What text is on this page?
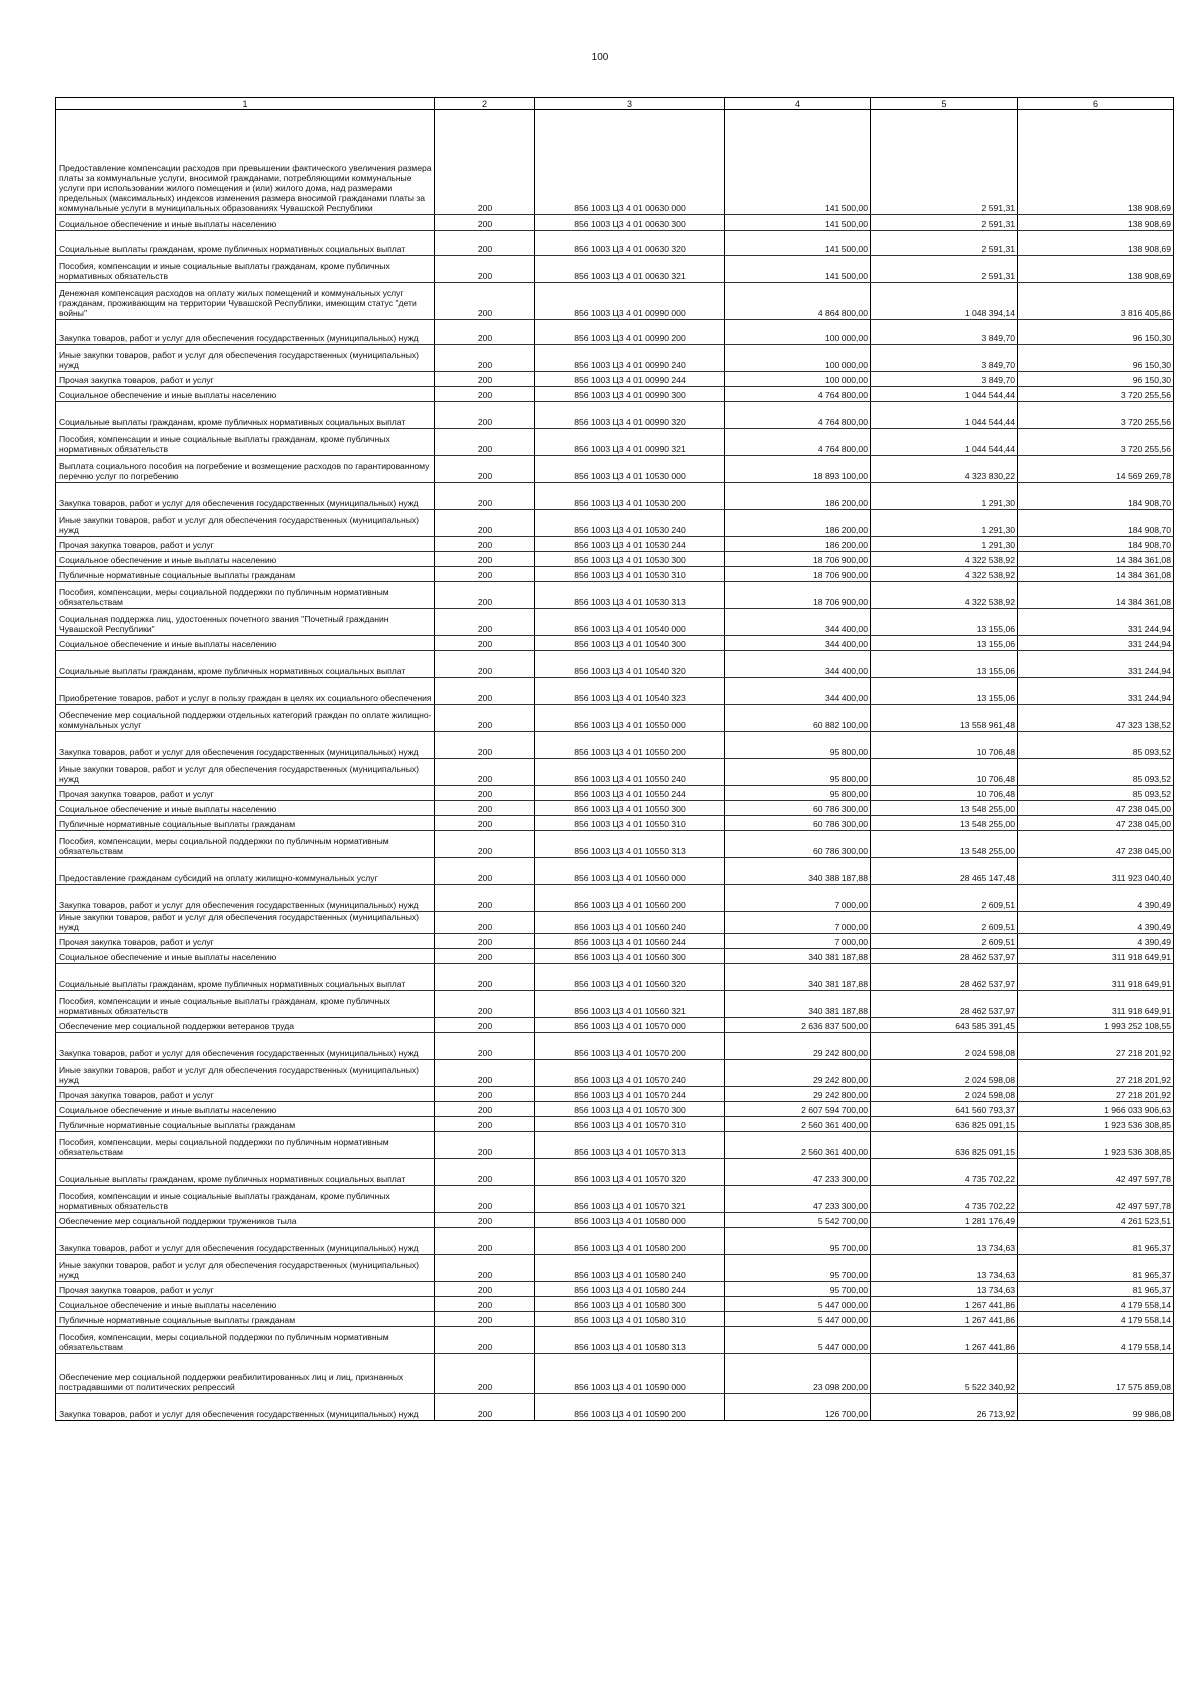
100
1	2	3	4	5	6
Предоставление компенсации расходов при превышении фактического увеличения размера платы за коммунальные услуги, вносимой гражданами, потребляющими коммунальные услуги при использовании жилого помещения и (или) жилого дома, над размерами предельных (максимальных) индексов изменения размера вносимой гражданами платы за коммунальные услуги в муниципальных образованиях Чувашской Республики	200	856 1003 Ц3 4 01 00630 000	141 500,00	2 591,31	138 908,69
Социальное обеспечение и иные выплаты населению	200	856 1003 Ц3 4 01 00630 300	141 500,00	2 591,31	138 908,69
Социальные выплаты гражданам, кроме публичных нормативных социальных выплат	200	856 1003 Ц3 4 01 00630 320	141 500,00	2 591,31	138 908,69
Пособия, компенсации и иные социальные выплаты гражданам, кроме публичных нормативных обязательств	200	856 1003 Ц3 4 01 00630 321	141 500,00	2 591,31	138 908,69
Денежная компенсация расходов на оплату жилых помещений и коммунальных услуг гражданам, проживающим на территории Чувашской Республики, имеющим статус "дети войны"	200	856 1003 Ц3 4 01 00990 000	4 864 800,00	1 048 394,14	3 816 405,86
Закупка товаров, работ и услуг для обеспечения государственных (муниципальных) нужд	200	856 1003 Ц3 4 01 00990 200	100 000,00	3 849,70	96 150,30
Иные закупки товаров, работ и услуг для обеспечения государственных (муниципальных) нужд	200	856 1003 Ц3 4 01 00990 240	100 000,00	3 849,70	96 150,30
Прочая закупка товаров, работ и услуг	200	856 1003 Ц3 4 01 00990 244	100 000,00	3 849,70	96 150,30
Социальное обеспечение и иные выплаты населению	200	856 1003 Ц3 4 01 00990 300	4 764 800,00	1 044 544,44	3 720 255,56
Социальные выплаты гражданам, кроме публичных нормативных социальных выплат	200	856 1003 Ц3 4 01 00990 320	4 764 800,00	1 044 544,44	3 720 255,56
Пособия, компенсации и иные социальные выплаты гражданам, кроме публичных нормативных обязательств	200	856 1003 Ц3 4 01 00990 321	4 764 800,00	1 044 544,44	3 720 255,56
Выплата социального пособия на погребение и возмещение расходов по гарантированному перечню услуг по погребению	200	856 1003 Ц3 4 01 10530 000	18 893 100,00	4 323 830,22	14 569 269,78
Закупка товаров, работ и услуг для обеспечения государственных (муниципальных) нужд	200	856 1003 Ц3 4 01 10530 200	186 200,00	1 291,30	184 908,70
Иные закупки товаров, работ и услуг для обеспечения государственных (муниципальных) нужд	200	856 1003 Ц3 4 01 10530 240	186 200,00	1 291,30	184 908,70
Прочая закупка товаров, работ и услуг	200	856 1003 Ц3 4 01 10530 244	186 200,00	1 291,30	184 908,70
Социальное обеспечение и иные выплаты населению	200	856 1003 Ц3 4 01 10530 300	18 706 900,00	4 322 538,92	14 384 361,08
Публичные нормативные социальные выплаты гражданам	200	856 1003 Ц3 4 01 10530 310	18 706 900,00	4 322 538,92	14 384 361,08
Пособия, компенсации, меры социальной поддержки по публичным нормативным обязательствам	200	856 1003 Ц3 4 01 10530 313	18 706 900,00	4 322 538,92	14 384 361,08
Социальная поддержка лиц, удостоенных почетного звания "Почетный гражданин Чувашской Республики"	200	856 1003 Ц3 4 01 10540 000	344 400,00	13 155,06	331 244,94
Социальное обеспечение и иные выплаты населению	200	856 1003 Ц3 4 01 10540 300	344 400,00	13 155,06	331 244,94
Социальные выплаты гражданам, кроме публичных нормативных социальных выплат	200	856 1003 Ц3 4 01 10540 320	344 400,00	13 155,06	331 244,94
Приобретение товаров, работ и услуг в пользу граждан в целях их социального обеспечения	200	856 1003 Ц3 4 01 10540 323	344 400,00	13 155,06	331 244,94
Обеспечение мер социальной поддержки отдельных категорий граждан по оплате жилищно-коммунальных услуг	200	856 1003 Ц3 4 01 10550 000	60 882 100,00	13 558 961,48	47 323 138,52
Закупка товаров, работ и услуг для обеспечения государственных (муниципальных) нужд	200	856 1003 Ц3 4 01 10550 200	95 800,00	10 706,48	85 093,52
Иные закупки товаров, работ и услуг для обеспечения государственных (муниципальных) нужд	200	856 1003 Ц3 4 01 10550 240	95 800,00	10 706,48	85 093,52
Прочая закупка товаров, работ и услуг	200	856 1003 Ц3 4 01 10550 244	95 800,00	10 706,48	85 093,52
Социальное обеспечение и иные выплаты населению	200	856 1003 Ц3 4 01 10550 300	60 786 300,00	13 548 255,00	47 238 045,00
Публичные нормативные социальные выплаты гражданам	200	856 1003 Ц3 4 01 10550 310	60 786 300,00	13 548 255,00	47 238 045,00
Пособия, компенсации, меры социальной поддержки по публичным нормативным обязательствам	200	856 1003 Ц3 4 01 10550 313	60 786 300,00	13 548 255,00	47 238 045,00
Предоставление гражданам субсидий на оплату жилищно-коммунальных услуг	200	856 1003 Ц3 4 01 10560 000	340 388 187,88	28 465 147,48	311 923 040,40
Закупка товаров, работ и услуг для обеспечения государственных (муниципальных) нужд	200	856 1003 Ц3 4 01 10560 200	7 000,00	2 609,51	4 390,49
Иные закупки товаров, работ и услуг для обеспечения государственных (муниципальных) нужд	200	856 1003 Ц3 4 01 10560 240	7 000,00	2 609,51	4 390,49
Прочая закупка товаров, работ и услуг	200	856 1003 Ц3 4 01 10560 244	7 000,00	2 609,51	4 390,49
Социальное обеспечение и иные выплаты населению	200	856 1003 Ц3 4 01 10560 300	340 381 187,88	28 462 537,97	311 918 649,91
Социальные выплаты гражданам, кроме публичных нормативных социальных выплат	200	856 1003 Ц3 4 01 10560 320	340 381 187,88	28 462 537,97	311 918 649,91
Пособия, компенсации и иные социальные выплаты гражданам, кроме публичных нормативных обязательств	200	856 1003 Ц3 4 01 10560 321	340 381 187,88	28 462 537,97	311 918 649,91
Обеспечение мер социальной поддержки ветеранов труда	200	856 1003 Ц3 4 01 10570 000	2 636 837 500,00	643 585 391,45	1 993 252 108,55
Закупка товаров, работ и услуг для обеспечения государственных (муниципальных) нужд	200	856 1003 Ц3 4 01 10570 200	29 242 800,00	2 024 598,08	27 218 201,92
Иные закупки товаров, работ и услуг для обеспечения государственных (муниципальных) нужд	200	856 1003 Ц3 4 01 10570 240	29 242 800,00	2 024 598,08	27 218 201,92
Прочая закупка товаров, работ и услуг	200	856 1003 Ц3 4 01 10570 244	29 242 800,00	2 024 598,08	27 218 201,92
Социальное обеспечение и иные выплаты населению	200	856 1003 Ц3 4 01 10570 300	2 607 594 700,00	641 560 793,37	1 966 033 906,63
Публичные нормативные социальные выплаты гражданам	200	856 1003 Ц3 4 01 10570 310	2 560 361 400,00	636 825 091,15	1 923 536 308,85
Пособия, компенсации, меры социальной поддержки по публичным нормативным обязательствам	200	856 1003 Ц3 4 01 10570 313	2 560 361 400,00	636 825 091,15	1 923 536 308,85
Социальные выплаты гражданам, кроме публичных нормативных социальных выплат	200	856 1003 Ц3 4 01 10570 320	47 233 300,00	4 735 702,22	42 497 597,78
Пособия, компенсации и иные социальные выплаты гражданам, кроме публичных нормативных обязательств	200	856 1003 Ц3 4 01 10570 321	47 233 300,00	4 735 702,22	42 497 597,78
Обеспечение мер социальной поддержки тружеников тыла	200	856 1003 Ц3 4 01 10580 000	5 542 700,00	1 281 176,49	4 261 523,51
Закупка товаров, работ и услуг для обеспечения государственных (муниципальных) нужд	200	856 1003 Ц3 4 01 10580 200	95 700,00	13 734,63	81 965,37
Иные закупки товаров, работ и услуг для обеспечения государственных (муниципальных) нужд	200	856 1003 Ц3 4 01 10580 240	95 700,00	13 734,63	81 965,37
Прочая закупка товаров, работ и услуг	200	856 1003 Ц3 4 01 10580 244	95 700,00	13 734,63	81 965,37
Социальное обеспечение и иные выплаты населению	200	856 1003 Ц3 4 01 10580 300	5 447 000,00	1 267 441,86	4 179 558,14
Публичные нормативные социальные выплаты гражданам	200	856 1003 Ц3 4 01 10580 310	5 447 000,00	1 267 441,86	4 179 558,14
Пособия, компенсации, меры социальной поддержки по публичным нормативным обязательствам	200	856 1003 Ц3 4 01 10580 313	5 447 000,00	1 267 441,86	4 179 558,14
Обеспечение мер социальной поддержки реабилитированных лиц и лиц, признанных пострадавшими от политических репрессий	200	856 1003 Ц3 4 01 10590 000	23 098 200,00	5 522 340,92	17 575 859,08
Закупка товаров, работ и услуг для обеспечения государственных (муниципальных) нужд	200	856 1003 Ц3 4 01 10590 200	126 700,00	26 713,92	99 986,08
